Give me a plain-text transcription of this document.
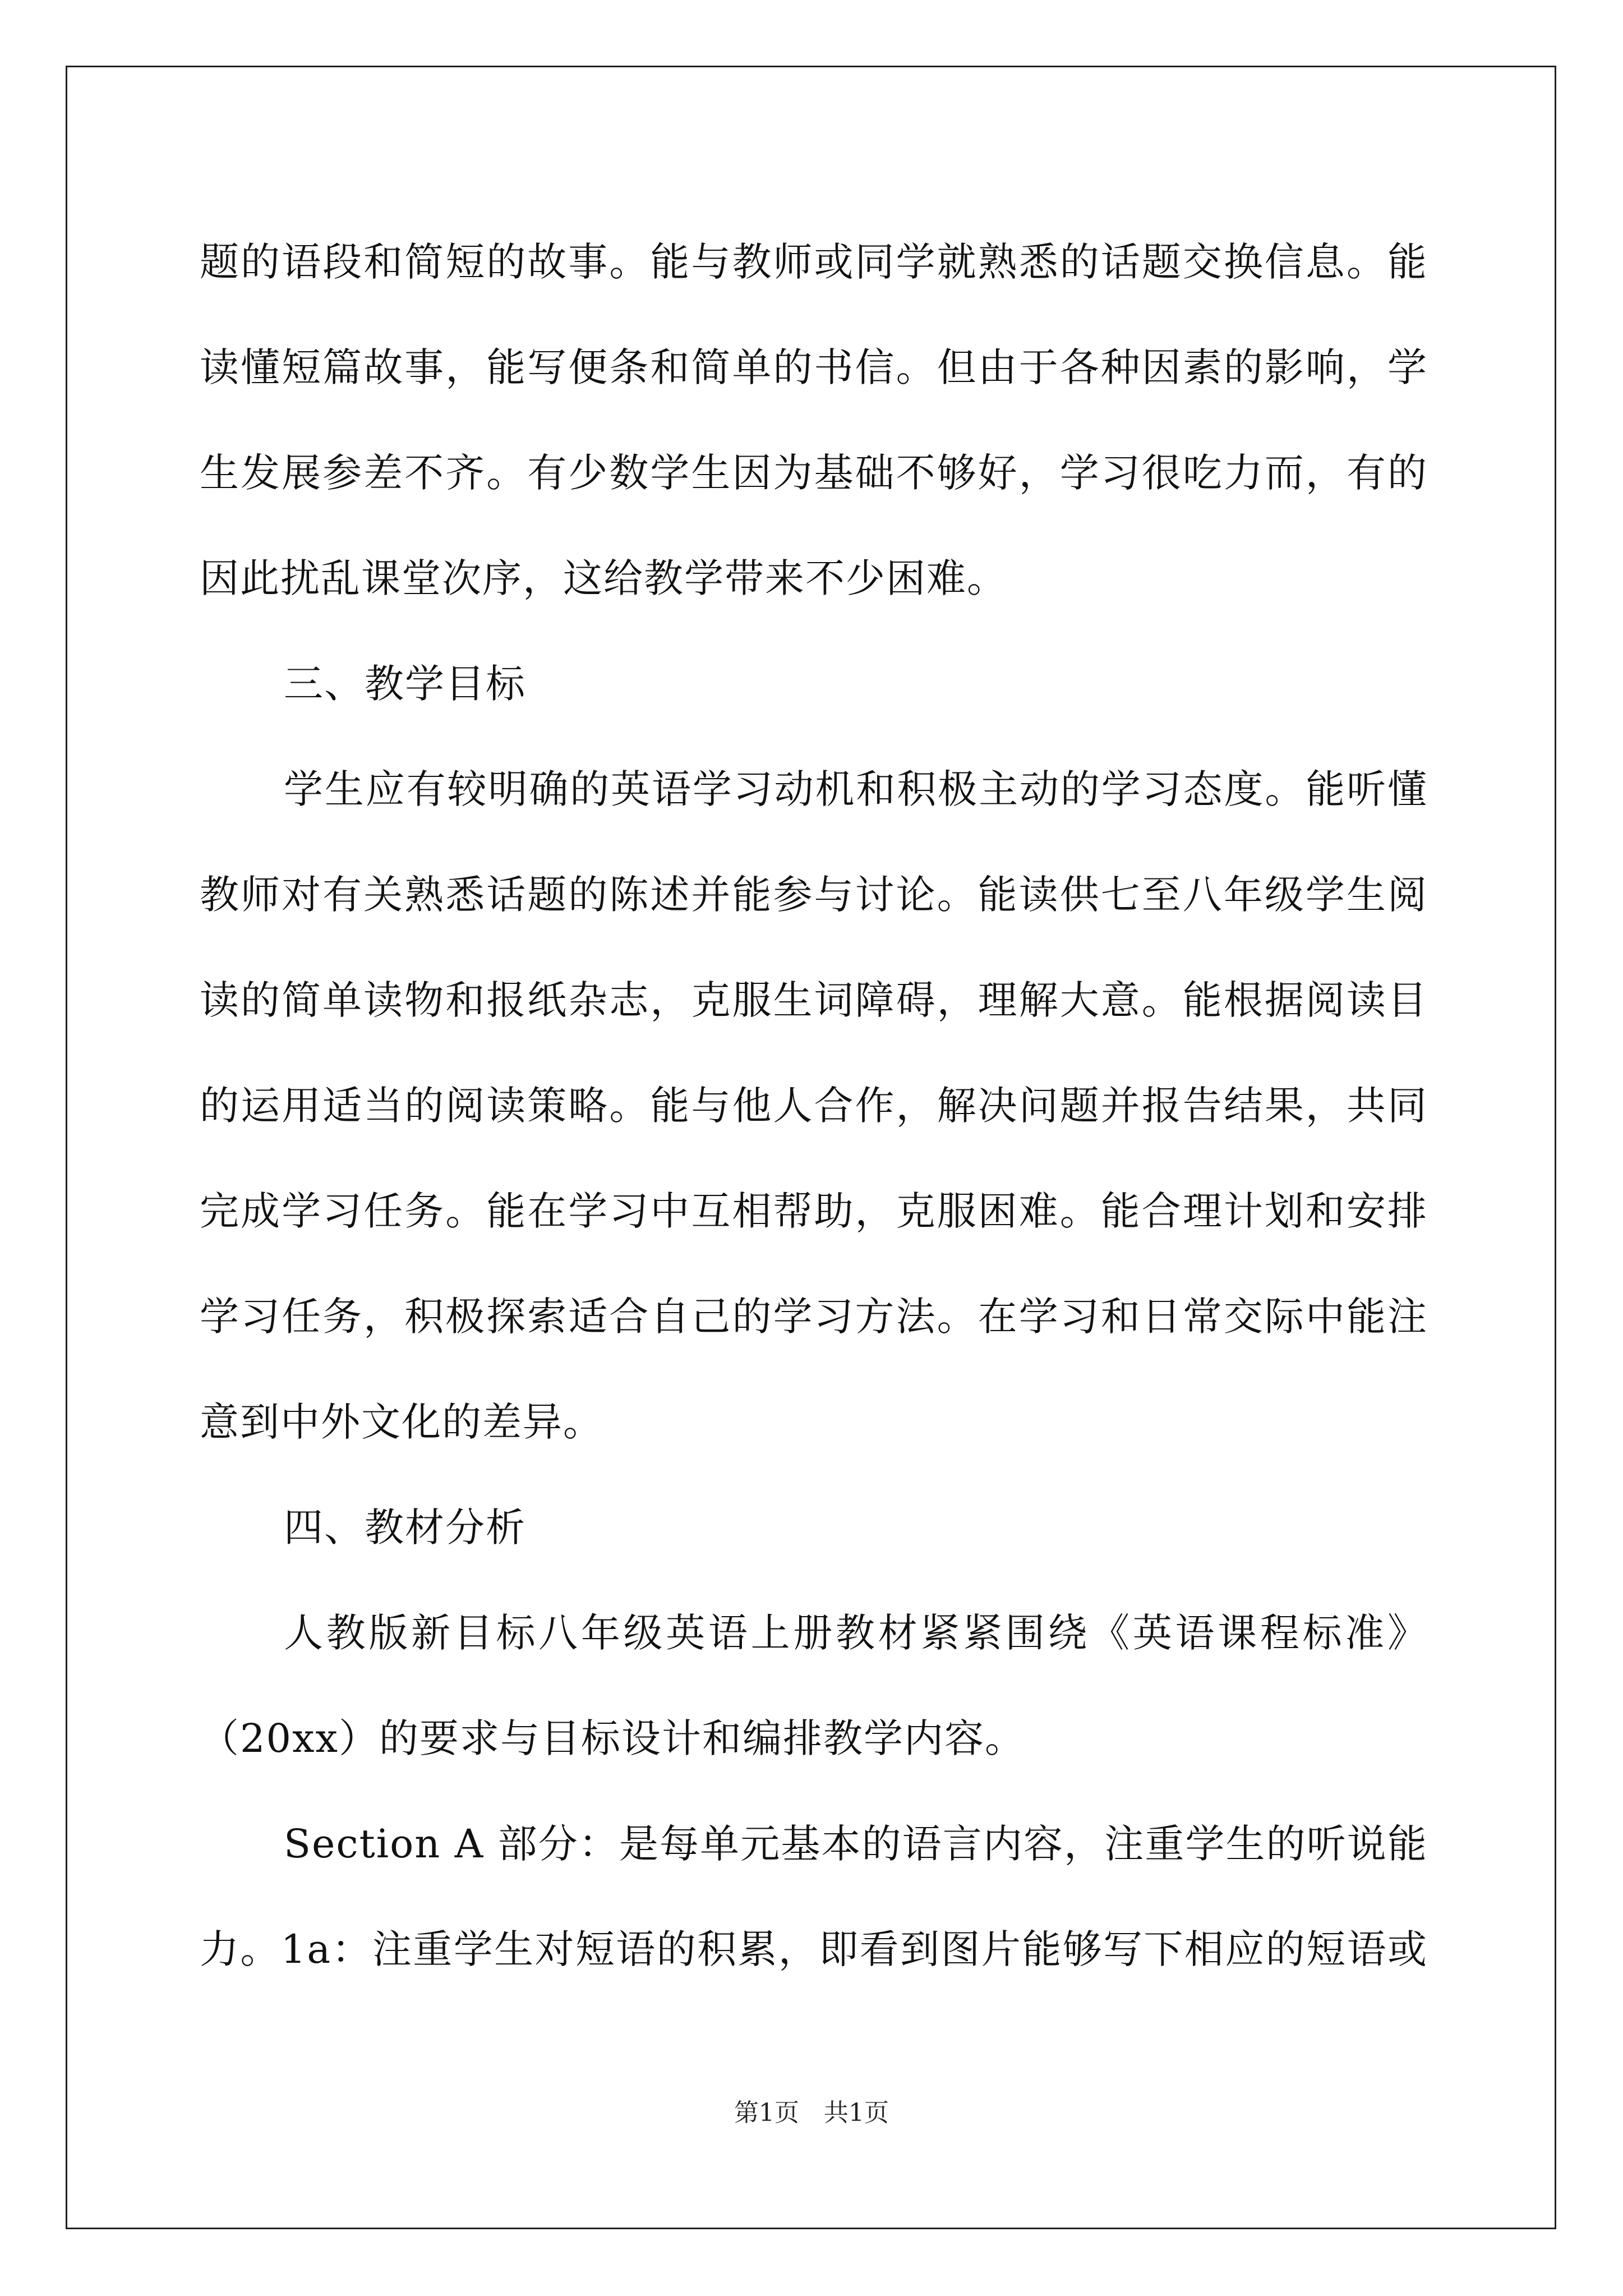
题的语段和简短的故事。能与教师或同学就熟悉的话题交换信息。能
读懂短篇故事，能写便条和简单的书信。但由于各种因素的影响，学
生发展参差不齐。有少数学生因为基础不够好，学习很吃力而，有的
因此扰乱课堂次序，这给教学带来不少困难。
三、教学目标
学生应有较明确的英语学习动机和积极主动的学习态度。能听懂
教师对有关熟悉话题的陈述并能参与讨论。能读供七至八年级学生阅
读的简单读物和报纸杂志，克服生词障碍，理解大意。能根据阅读目
的运用适当的阅读策略。能与他人合作，解决问题并报告结果，共同
完成学习任务。能在学习中互相帮助，克服困难。能合理计划和安排
学习任务，积极探索适合自己的学习方法。在学习和日常交际中能注
意到中外文化的差异。
四、教材分析
人教版新目标八年级英语上册教材紧紧围绕《英语课程标准》
（20xx）的要求与目标设计和编排教学内容。
Section A 部分：是每单元基本的语言内容，注重学生的听说能
力。1a：注重学生对短语的积累，即看到图片能够写下相应的短语或
第1页　共1页
